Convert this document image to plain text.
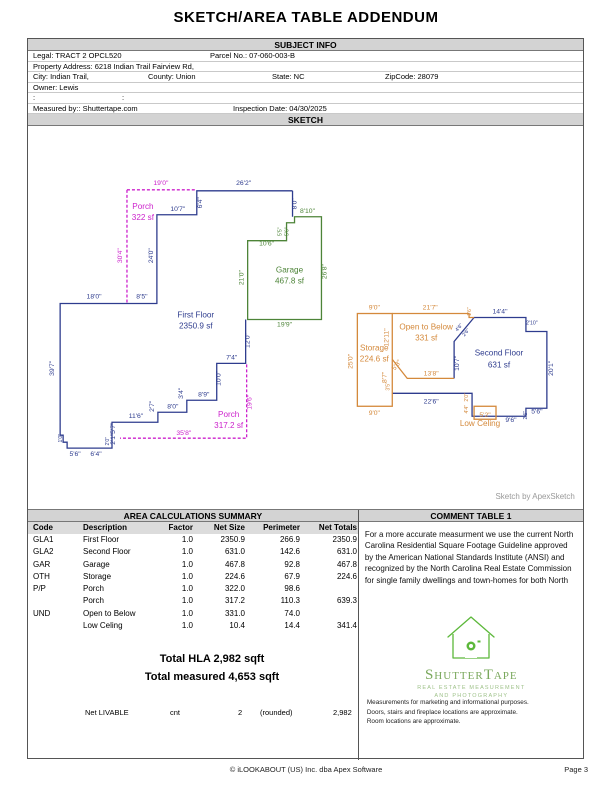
SKETCH/AREA TABLE ADDENDUM
SUBJECT INFO
Legal: TRACT 2 OPCL520	Parcel No.: 07-060-003-B
Property Address: 6218 Indian Trail Fairview Rd,
City: Indian Trail,	County: Union	State: NC	ZipCode: 28079
Owner: Lewis
:	:
Measured by:: Shuttertape.com	Inspection Date: 04/30/2025
SKETCH
Sketch by ApexSketch
19'0"	26'2"
Porch
322 sf
10'7"
6'4"	8'0"
8'10"
5'5" 5'6"
10'6"
Garage
467.8 sf
21'0"	26'8"
19'9"
30'4"	24'0"
18'0"	8'5"
First Floor
2350.9 sf
39'7"
12'0"
7'4"
10'0"
8'9"
3'4"
8'0"
2'7"
11'6"
5'7"
2'1"
2'0"
1'0"
5'6" 6'4"
Porch
317.2 sf
35'8"
19'6"
9'0"	21'7"	1'6"	14'4"
2'10"
20'1"
25'0"
12'11"
Open to Below
331 sf
Storage
224.6 sf
8'7"
5'8"
13'8"
10'7"
4'6"
2'6"
Second Floor
631 sf
22'6"
3'5"
2'0"
4'4"
9'0"	5'2"
Low Celing 9'6"
5'6"
2'6"
AREA CALCULATIONS SUMMARY
Code	Description	Factor	Net Size	Perimeter	Net Totals
GLA1	First Floor	1.0	2350.9	266.9	2350.9
GLA2	Second Floor	1.0	631.0	142.6	631.0
GAR	Garage	1.0	467.8	92.8	467.8
OTH	Storage	1.0	224.6	67.9	224.6
P/P	Porch	1.0	322.0	98.6
Porch	1.0	317.2	110.3	639.3
UND	Open to Below	1.0	331.0	74.0
Low Celing	1.0	10.4	14.4	341.4
Total HLA 2,982 sqft
Total measured 4,653 sqft
Net LIVABLE	cnt	2 (rounded)	2,982
COMMENT TABLE 1
For a more accurate measurment we use the current North Carolina Residential Square Footage Guideline approved by the American National Standards Institute (ANSI) and recognized by the North Carolina Real Estate Commission for single family dwellings and town-homes for both North
ShutterTape
REAL ESTATE MEASUREMENT
AND PHOTOGRAPHY
Measurements for marketing and informational purposes.
Doors, stairs and fireplace locations are approximate.
Room locations are approximate.
© iLOOKABOUT (US) Inc. dba Apex Software	Page 3
